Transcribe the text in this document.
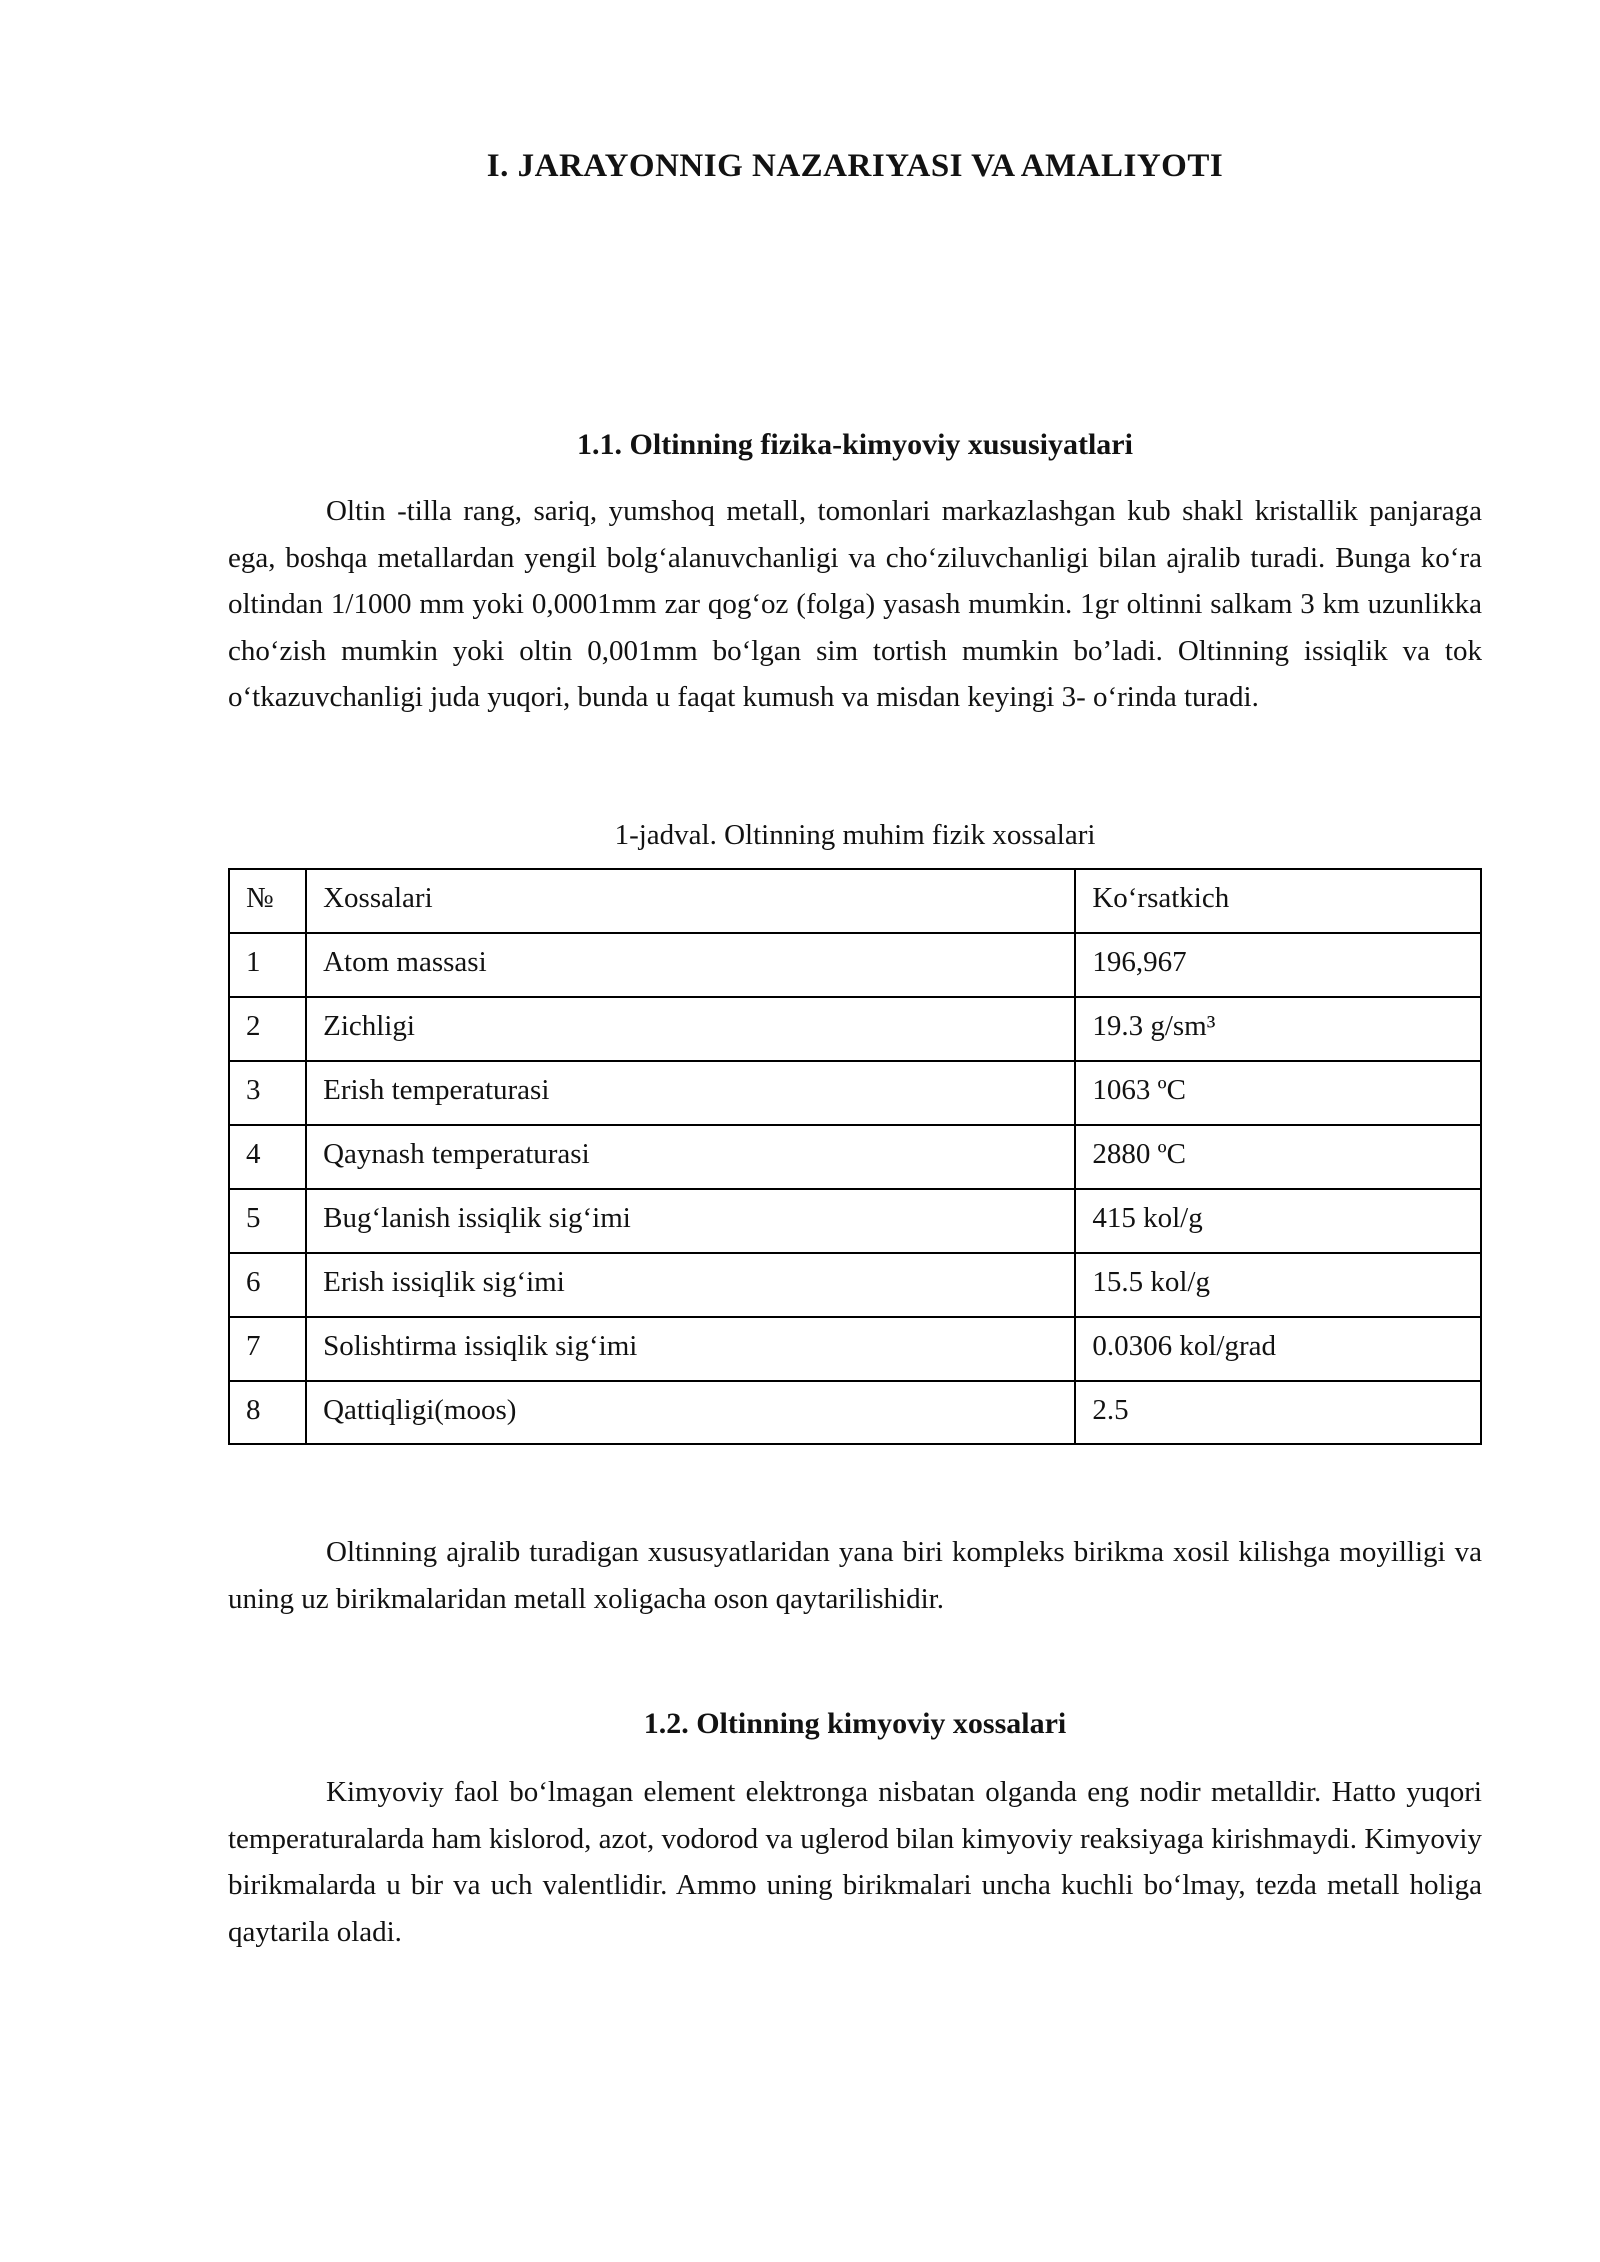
I. JARAYONNIG NAZARIYASI VA AMALIYOTI
1.1. Oltinning fizika-kimyoviy xususiyatlari

Oltin -tilla rang, sariq, yumshoq metall, tomonlari markazlashgan kub shakl kristallik panjaraga ega, boshqa metallardan yengil bolgʻalanuvchanligi va choʻziluvchanligi bilan ajralib turadi. Bunga koʻra oltindan 1/1000 mm yoki 0,0001mm zar qogʻoz (folga) yasash mumkin. 1gr oltinni salkam 3 km uzunlikka choʻzish mumkin yoki oltin 0,001mm boʻlgan sim tortish mumkin bo’ladi. Oltinning issiqlik va tok oʻtkazuvchanligi juda yuqori, bunda u faqat kumush va misdan keyingi 3- oʻrinda turadi.

1-jadval. Oltinning muhim fizik xossalari

№	Xossalari	Koʻrsatkich
1	Atom massasi	196,967
2	Zichligi	19.3 g/sm³
3	Erish temperaturasi	1063 ºC
4	Qaynash temperaturasi	2880 ºC
5	Bugʻlanish issiqlik sigʻimi	415 kol/g
6	Erish issiqlik sigʻimi	15.5 kol/g
7	Solishtirma issiqlik sigʻimi	0.0306 kol/grad
8	Qattiqligi(moos)	2.5

Oltinning ajralib turadigan xususyatlaridan yana biri kompleks birikma xosil kilishga moyilligi va uning uz birikmalaridan metall xoligacha oson qaytarilishidir.

1.2. Oltinning kimyoviy xossalari

Kimyoviy faol boʻlmagan element elektronga nisbatan olganda eng nodir metalldir. Hatto yuqori temperaturalarda ham kislorod, azot, vodorod va uglerod bilan kimyoviy reaksiyaga kirishmaydi. Kimyoviy birikmalarda u bir va uch valentlidir. Ammo uning birikmalari uncha kuchli boʻlmay, tezda metall holiga qaytarila oladi.
